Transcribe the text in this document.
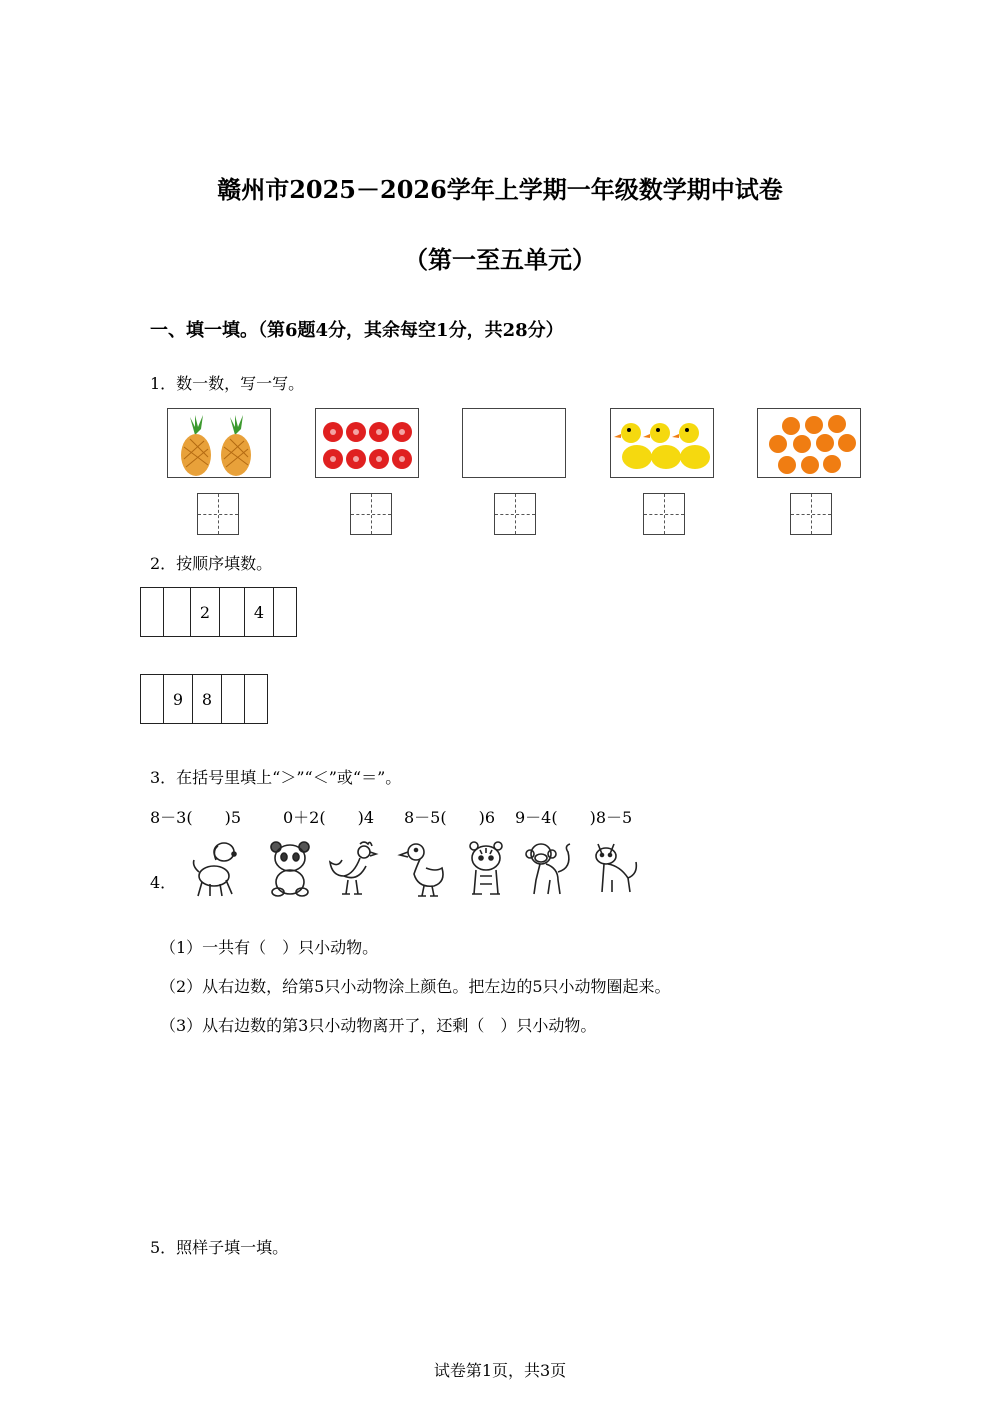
赣州市2025－2026学年上学期一年级数学期中试卷
（第一至五单元）
一、填一填。（第6题4分，其余每空1分，共28分）
1．数一数，写一写。
2．按顺序填数。
		2		4	
	9	8		
3．在括号里填上“＞”“＜”或“＝”。
8－3(　　)5	0＋2(　　)4 8－5(　　)6 9－4(　　)8－5
4．
（1）一共有（　）只小动物。
（2）从右边数，给第5只小动物涂上颜色。把左边的5只小动物圈起来。
（3）从右边数的第3只小动物离开了，还剩（　）只小动物。
5．照样子填一填。
试卷第1页，共3页
